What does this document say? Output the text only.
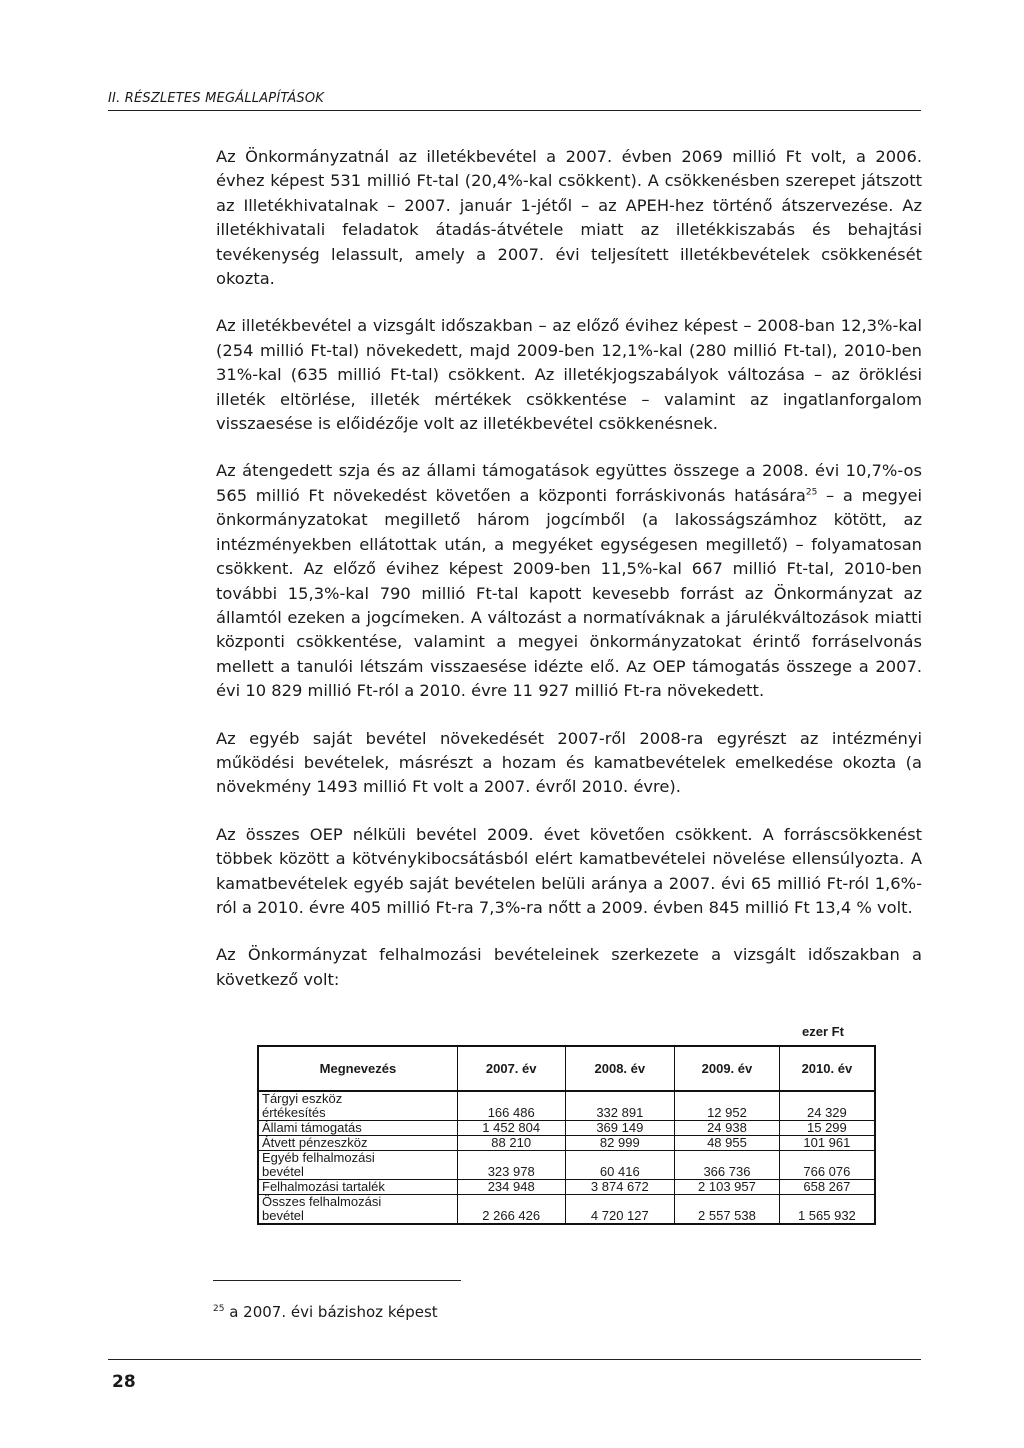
II. RÉSZLETES MEGÁLLAPÍTÁSOK

Az Önkormányzatnál az illetékbevétel a 2007. évben 2069 millió Ft volt, a 2006. évhez képest 531 millió Ft-tal (20,4%-kal csökkent). A csökkenésben szerepet játszott az Illetékhivatalnak – 2007. január 1-jétől – az APEH-hez történő átszervezése. Az illetékhivatali feladatok átadás-átvétele miatt az illetékkiszabás és behajtási tevékenység lelassult, amely a 2007. évi teljesített illetékbevételek csökkenését okozta.

Az illetékbevétel a vizsgált időszakban – az előző évihez képest – 2008-ban 12,3%-kal (254 millió Ft-tal) növekedett, majd 2009-ben 12,1%-kal (280 millió Ft-tal), 2010-ben 31%-kal (635 millió Ft-tal) csökkent. Az illetékjogszabályok változása – az öröklési illeték eltörlése, illeték mértékek csökkentése – valamint az ingatlanforgalom visszaesése is előidézője volt az illetékbevétel csökkenésnek.

Az átengedett szja és az állami támogatások együttes összege a 2008. évi 10,7%-os 565 millió Ft növekedést követően a központi forráskivonás hatására$^{25}$ – a megyei önkormányzatokat megillető három jogcímből (a lakosságszámhoz kötött, az intézményekben ellátottak után, a megyéket egységesen megillető) – folyamatosan csökkent. Az előző évihez képest 2009-ben 11,5%-kal 667 millió Ft-tal, 2010-ben további 15,3%-kal 790 millió Ft-tal kapott kevesebb forrást az Önkormányzat az államtól ezeken a jogcímeken. A változást a normatíváknak a járulékváltozások miatti központi csökkentése, valamint a megyei önkormányzatokat érintő forráselvonás mellett a tanulói létszám visszaesése idézte elő. Az OEP támogatás összege a 2007. évi 10 829 millió Ft-ról a 2010. évre 11 927 millió Ft-ra növekedett.

Az egyéb saját bevétel növekedését 2007-ről 2008-ra egyrészt az intézményi működési bevételek, másrészt a hozam és kamatbevételek emelkedése okozta (a növekmény 1493 millió Ft volt a 2007. évről 2010. évre).

Az összes OEP nélküli bevétel 2009. évet követően csökkent. A forráscsökkenést többek között a kötvénykibocsátásból elért kamatbevételei növelése ellensúlyozta. A kamatbevételek egyéb saját bevételen belüli aránya a 2007. évi 65 millió Ft-ról 1,6%-ról a 2010. évre 405 millió Ft-ra 7,3%-ra nőtt a 2009. évben 845 millió Ft 13,4 % volt.

Az Önkormányzat felhalmozási bevételeinek szerkezete a vizsgált időszakban a következő volt:

ezer Ft
Megnevezés	2007. év	2008. év	2009. év	2010. év
Tárgyi eszköz
értékesítés	166 486	332 891	12 952	24 329
Állami támogatás	1 452 804	369 149	24 938	15 299
Átvett pénzeszköz	88 210	82 999	48 955	101 961
Egyéb felhalmozási
bevétel	323 978	60 416	366 736	766 076
Felhalmozási tartalék	234 948	3 874 672	2 103 957	658 267
Összes felhalmozási
bevétel	2 266 426	4 720 127	2 557 538	1 565 932
$^{25}$ a 2007. évi bázishoz képest
28
